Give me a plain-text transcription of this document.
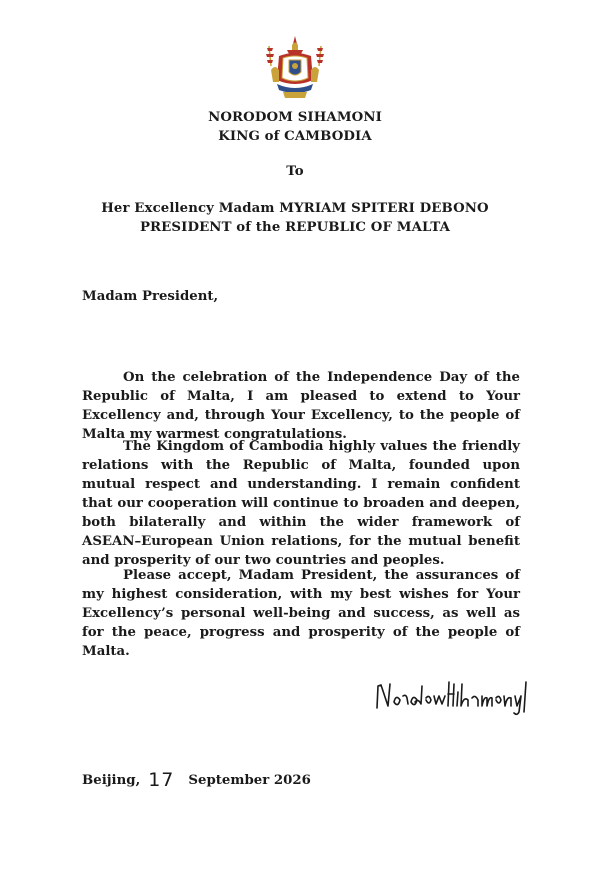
NORODOM SIHAMONI
KING of CAMBODIA
To
Her Excellency Madam MYRIAM SPITERI DEBONO
PRESIDENT of the REPUBLIC OF MALTA
Madam President,
On the celebration of the Independence Day of the Republic of Malta, I am pleased to extend to Your Excellency and, through Your Excellency, to the people of Malta my warmest congratulations.
The Kingdom of Cambodia highly values the friendly relations with the Republic of Malta, founded upon mutual respect and understanding. I remain confident that our cooperation will continue to broaden and deepen, both bilaterally and within the wider framework of ASEAN–European Union relations, for the mutual benefit and prosperity of our two countries and peoples.
Please accept, Madam President, the assurances of my highest consideration, with my best wishes for Your Excellency’s personal well-being and success, as well as for the peace, progress and prosperity of the people of Malta.
Beijing, 17 September 2026
